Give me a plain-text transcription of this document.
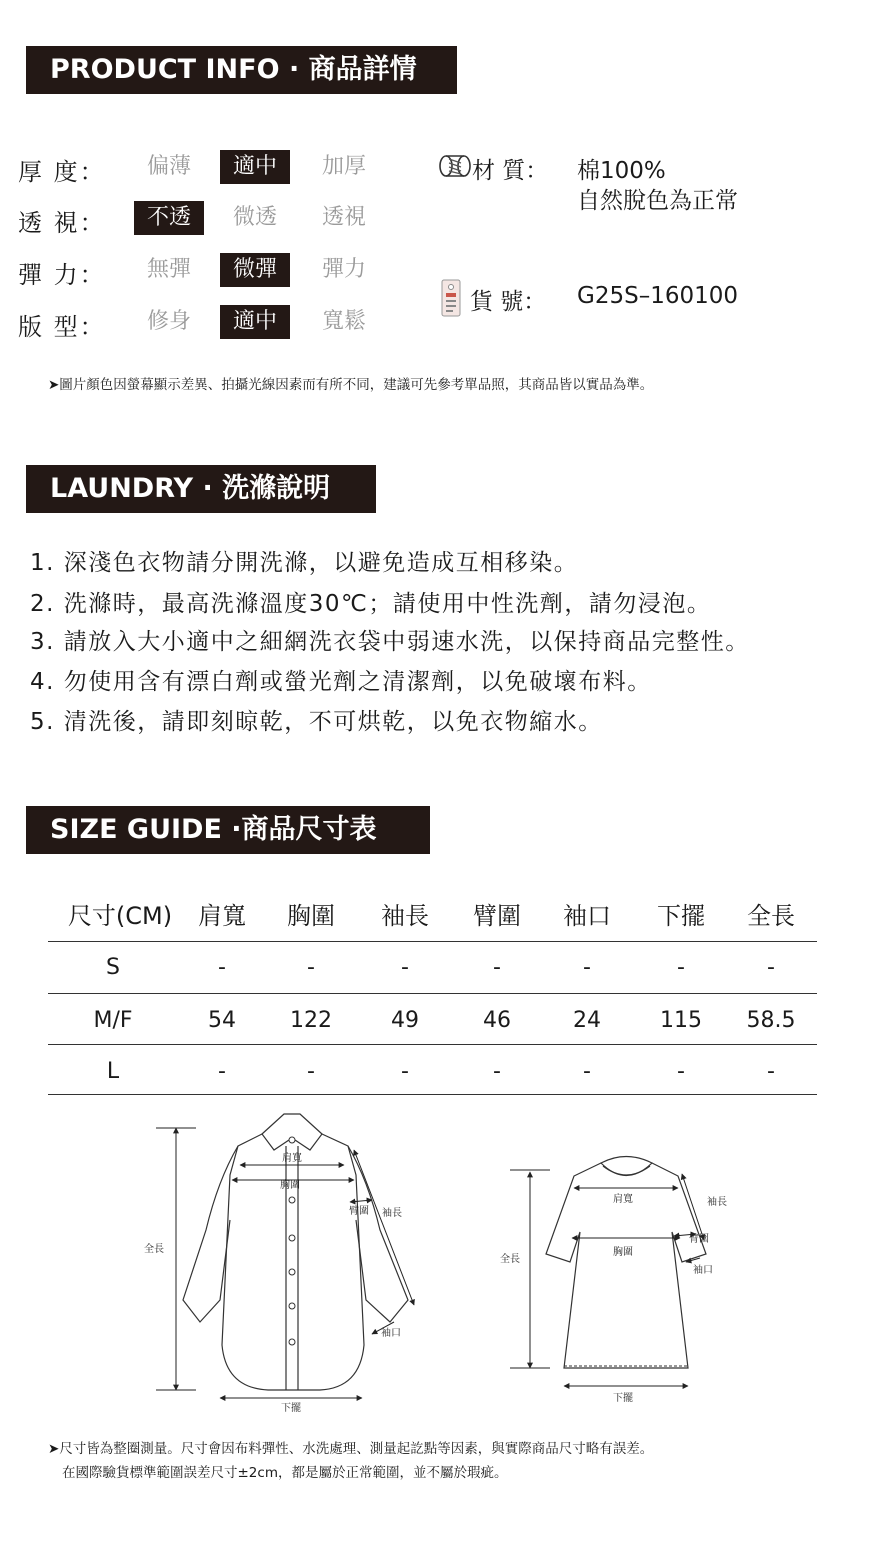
PRODUCT INFO · 商品詳情
厚 度：	偏薄	適中	加厚
透 視：	不透	微透	透視
彈 力：	無彈	微彈	彈力
版 型：	修身	適中	寬鬆
材 質： 棉100%
自然脫色為正常
貨 號： G25S–160100
➤圖片顏色因螢幕顯示差異、拍攝光線因素而有所不同，建議可先參考單品照，其商品皆以實品為準。
LAUNDRY · 洗滌說明
1. 深淺色衣物請分開洗滌，以避免造成互相移染。
2. 洗滌時，最高洗滌溫度30℃；請使用中性洗劑，請勿浸泡。
3. 請放入大小適中之細網洗衣袋中弱速水洗，以保持商品完整性。
4. 勿使用含有漂白劑或螢光劑之清潔劑，以免破壞布料。
5. 清洗後，請即刻晾乾，不可烘乾，以免衣物縮水。
SIZE GUIDE ·商品尺寸表
尺寸(CM)	肩寬	胸圍	袖長	臂圍	袖口	下擺	全長
S	-	-	-	-	-	-	-
M/F	54	122	49	46	24	115	58.5
L	-	-	-	-	-	-	-
肩寬
胸圍
臂圍 袖長
全長
袖口
下擺
肩寬
胸圍
臂圍
袖長
全長
袖口
下擺
➤尺寸皆為整圈測量。尺寸會因布料彈性、水洗處理、測量起訖點等因素，與實際商品尺寸略有誤差。
在國際驗貨標準範圍誤差尺寸±2cm，都是屬於正常範圍，並不屬於瑕疵。
